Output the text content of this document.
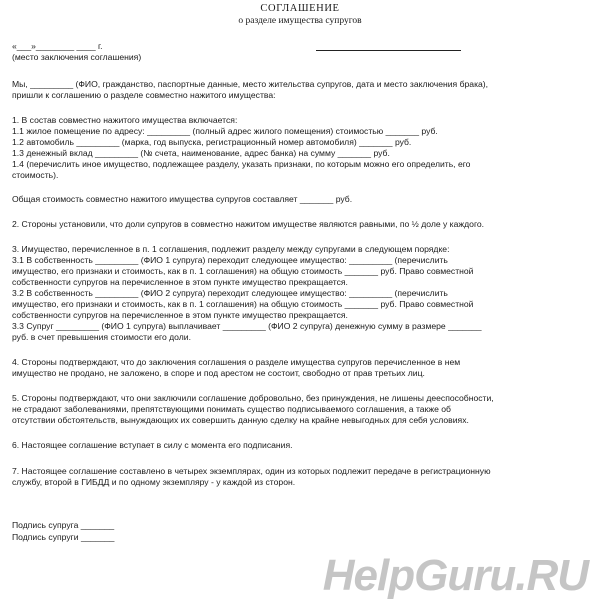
СОГЛАШЕНИЕ
о разделе имущества супругов
«___»________ ____ г.
(место заключения соглашения)
Мы, _________ (ФИО, гражданство, паспортные данные, место жительства супругов, дата и место заключения брака),
пришли к соглашению о разделе совместно нажитого имущества:
1. В состав совместно нажитого имущества включается:
1.1 жилое помещение по адресу: _________ (полный адрес жилого помещения) стоимостью _______ руб.
1.2 автомобиль _________ (марка, год выпуска, регистрационный номер автомобиля) _______ руб.
1.3 денежный вклад _________ (№ счета, наименование, адрес банка) на сумму _______ руб.
1.4 (перечислить иное имущество, подлежащее разделу, указать признаки, по которым можно его определить, его
стоимость).
Общая стоимость совместно нажитого имущества супругов составляет _______ руб.
2. Стороны установили, что доли супругов в совместно нажитом имуществе являются равными, по ½ доле у каждого.
3. Имущество, перечисленное в п. 1 соглашения, подлежит разделу между супругами в следующем порядке:
3.1 В собственность _________ (ФИО 1 супруга) переходит следующее имущество: _________ (перечислить
имущество, его признаки и стоимость, как в п. 1 соглашения) на общую стоимость _______ руб. Право совместной
собственности супругов на перечисленное в этом пункте имущество прекращается.
3.2 В собственность _________ (ФИО 2 супруга) переходит следующее имущество: _________ (перечислить
имущество, его признаки и стоимость, как в п. 1 соглашения) на общую стоимость _______ руб. Право совместной
собственности супругов на перечисленное в этом пункте имущество прекращается.
3.3 Супруг _________ (ФИО 1 супруга) выплачивает _________ (ФИО 2 супруга) денежную сумму в размере _______
руб. в счет превышения стоимости его доли.
4. Стороны подтверждают, что до заключения соглашения о разделе имущества супругов перечисленное в нем
имущество не продано, не заложено, в споре и под арестом не состоит, свободно от прав третьих лиц.
5. Стороны подтверждают, что они заключили соглашение добровольно, без принуждения, не лишены дееспособности,
не страдают заболеваниями, препятствующими понимать существо подписываемого соглашения, а также об
отсутствии обстоятельств, вынуждающих их совершить данную сделку на крайне невыгодных для себя условиях.
6. Настоящее соглашение вступает в силу с момента его подписания.
7. Настоящее соглашение составлено в четырех экземплярах, один из которых подлежит передаче в регистрационную
службу, второй в ГИБДД и по одному экземпляру - у каждой из сторон.
Подпись супруга _______
Подпись супруги _______
HelpGuru.RU
